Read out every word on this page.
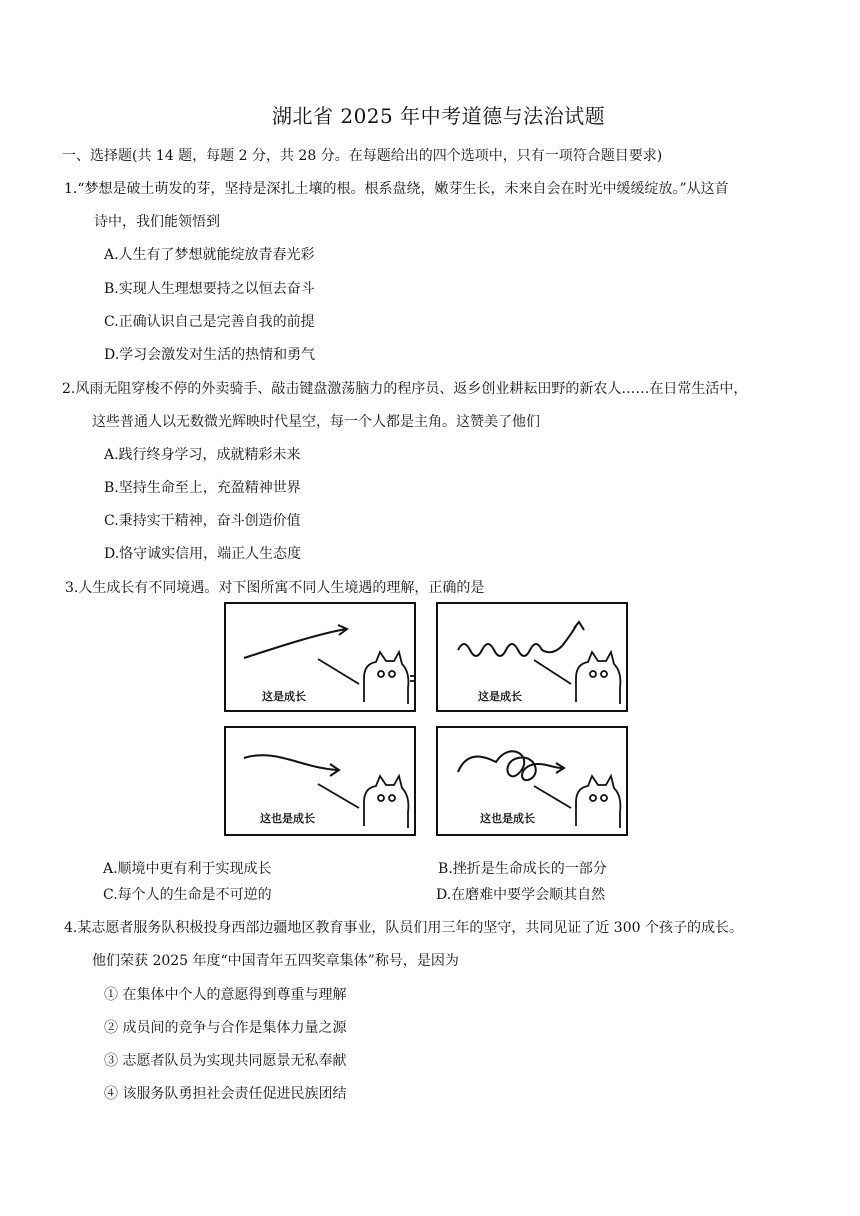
湖北省 2025 年中考道德与法治试题
一、选择题(共 14 题，每题 2 分，共 28 分。在每题给出的四个选项中，只有一项符合题目要求)
1.“梦想是破土萌发的芽，坚持是深扎土壤的根。根系盘绕，嫩芽生长，未来自会在时光中缓缓绽放。”从这首
诗中，我们能领悟到
A.人生有了梦想就能绽放青春光彩
B.实现人生理想要持之以恒去奋斗
C.正确认识自己是完善自我的前提
D.学习会激发对生活的热情和勇气
2.风雨无阻穿梭不停的外卖骑手、敲击键盘激荡脑力的程序员、返乡创业耕耘田野的新农人……在日常生活中，
这些普通人以无数微光辉映时代星空，每一个人都是主角。这赞美了他们
A.践行终身学习，成就精彩未来
B.坚持生命至上，充盈精神世界
C.秉持实干精神，奋斗创造价值
D.恪守诚实信用，端正人生态度
3.人生成长有不同境遇。对下图所寓不同人生境遇的理解，正确的是
这是成长	这是成长
这也是成长	这也是成长
A.顺境中更有利于实现成长	B.挫折是生命成长的一部分
C.每个人的生命是不可逆的	D.在磨难中要学会顺其自然
4.某志愿者服务队积极投身西部边疆地区教育事业，队员们用三年的坚守，共同见证了近 300 个孩子的成长。
他们荣获 2025 年度“中国青年五四奖章集体”称号，是因为
① 在集体中个人的意愿得到尊重与理解
② 成员间的竞争与合作是集体力量之源
③ 志愿者队员为实现共同愿景无私奉献
④ 该服务队勇担社会责任促进民族团结
